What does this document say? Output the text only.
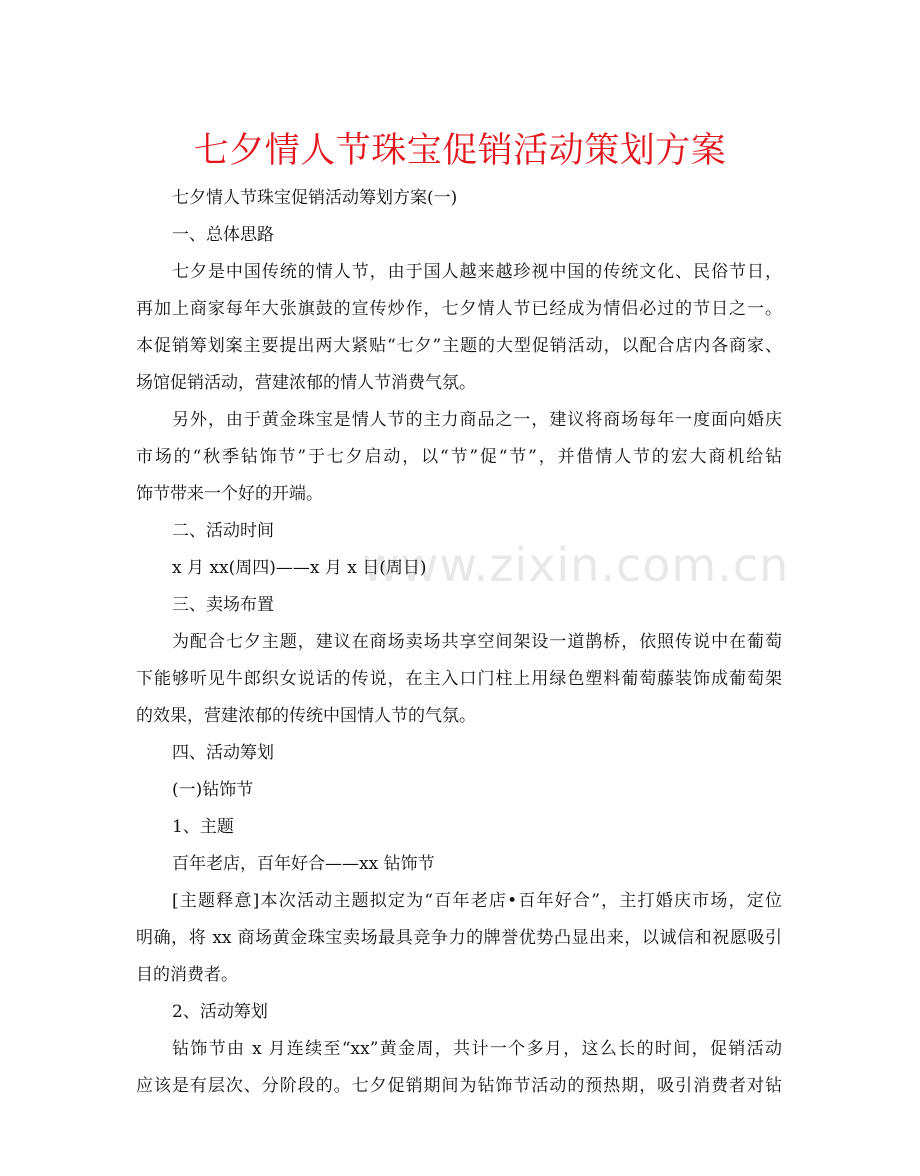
七夕情人节珠宝促销活动策划方案
www.zixin.com.cn
七夕情人节珠宝促销活动筹划方案(一)
一、总体思路
七夕是中国传统的情人节，由于国人越来越珍视中国的传统文化、民俗节日，
再加上商家每年大张旗鼓的宣传炒作，七夕情人节已经成为情侣必过的节日之一。
本促销筹划案主要提出两大紧贴“七夕”主题的大型促销活动，以配合店内各商家、
场馆促销活动，营建浓郁的情人节消费气氛。
另外，由于黄金珠宝是情人节的主力商品之一，建议将商场每年一度面向婚庆
市场的“秋季钻饰节”于七夕启动，以“节”促“节”，并借情人节的宏大商机给钻
饰节带来一个好的开端。
二、活动时间
x 月 xx(周四)——x 月 x 日(周日)
三、卖场布置
为配合七夕主题，建议在商场卖场共享空间架设一道鹊桥，依照传说中在葡萄
下能够听见牛郎织女说话的传说，在主入口门柱上用绿色塑料葡萄藤装饰成葡萄架
的效果，营建浓郁的传统中国情人节的气氛。
四、活动筹划
(一)钻饰节
1、主题
百年老店，百年好合——xx 钻饰节
[主题释意]本次活动主题拟定为“百年老店•百年好合”，主打婚庆市场，定位
明确，将 xx 商场黄金珠宝卖场最具竞争力的牌誉优势凸显出来，以诚信和祝愿吸引
目的消费者。
2、活动筹划
钻饰节由 x 月连续至“xx”黄金周，共计一个多月，这么长的时间，促销活动
应该是有层次、分阶段的。七夕促销期间为钻饰节活动的预热期，吸引消费者对钻
